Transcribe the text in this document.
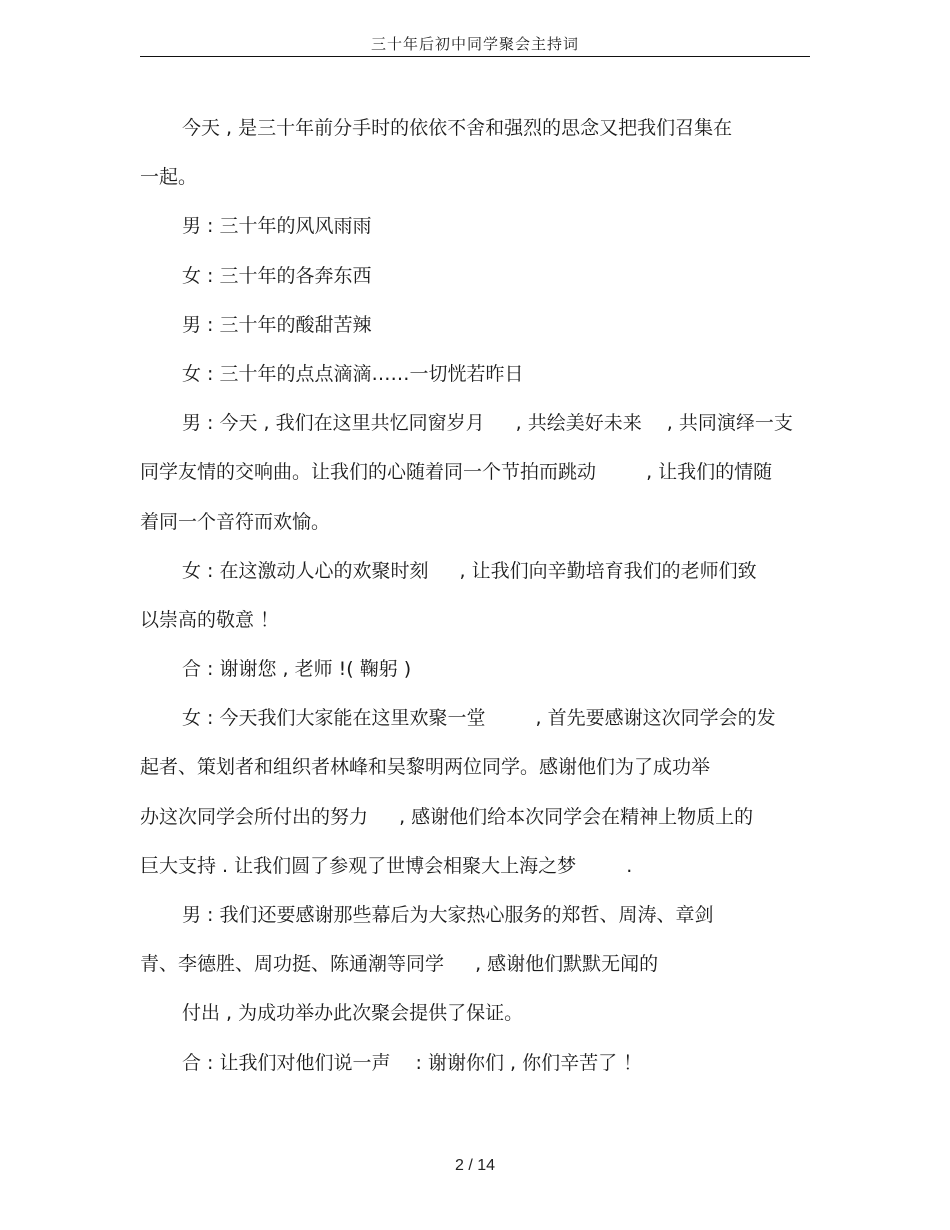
三十年后初中同学聚会主持词
今天 , 是三十年前分手时的依依不舍和强烈的思念又把我们召集在
一起。
男 : 三十年的风风雨雨
女 : 三十年的各奔东西
男 : 三十年的酸甜苦辣
女 : 三十年的点点滴滴……一切恍若昨日
男 : 今天 , 我们在这里共忆同窗岁月 　 , 共绘美好未来 　, 共同演绎一支
同学友情的交响曲。让我们的心随着同一个节拍而跳动 　　 , 让我们的情随
着同一个音符而欢愉。
女 : 在这激动人心的欢聚时刻 　 , 让我们向辛勤培育我们的老师们致
以崇高的敬意 ！
合 : 谢谢您 , 老师 !( 鞠躬 )
女 : 今天我们大家能在这里欢聚一堂 　　 , 首先要感谢这次同学会的发
起者、策划者和组织者林峰和吴黎明两位同学。感谢他们为了成功举
办这次同学会所付出的努力 　 , 感谢他们给本次同学会在精神上物质上的
巨大支持 . 让我们圆了参观了世博会相聚大上海之梦 　　 .
男 : 我们还要感谢那些幕后为大家热心服务的郑哲、周涛、章剑
青、李德胜、周功挺、陈通潮等同学 　 , 感谢他们默默无闻的
付出 , 为成功举办此次聚会提供了保证。
合 : 让我们对他们说一声 　: 谢谢你们 , 你们辛苦了 ！
2 / 14
